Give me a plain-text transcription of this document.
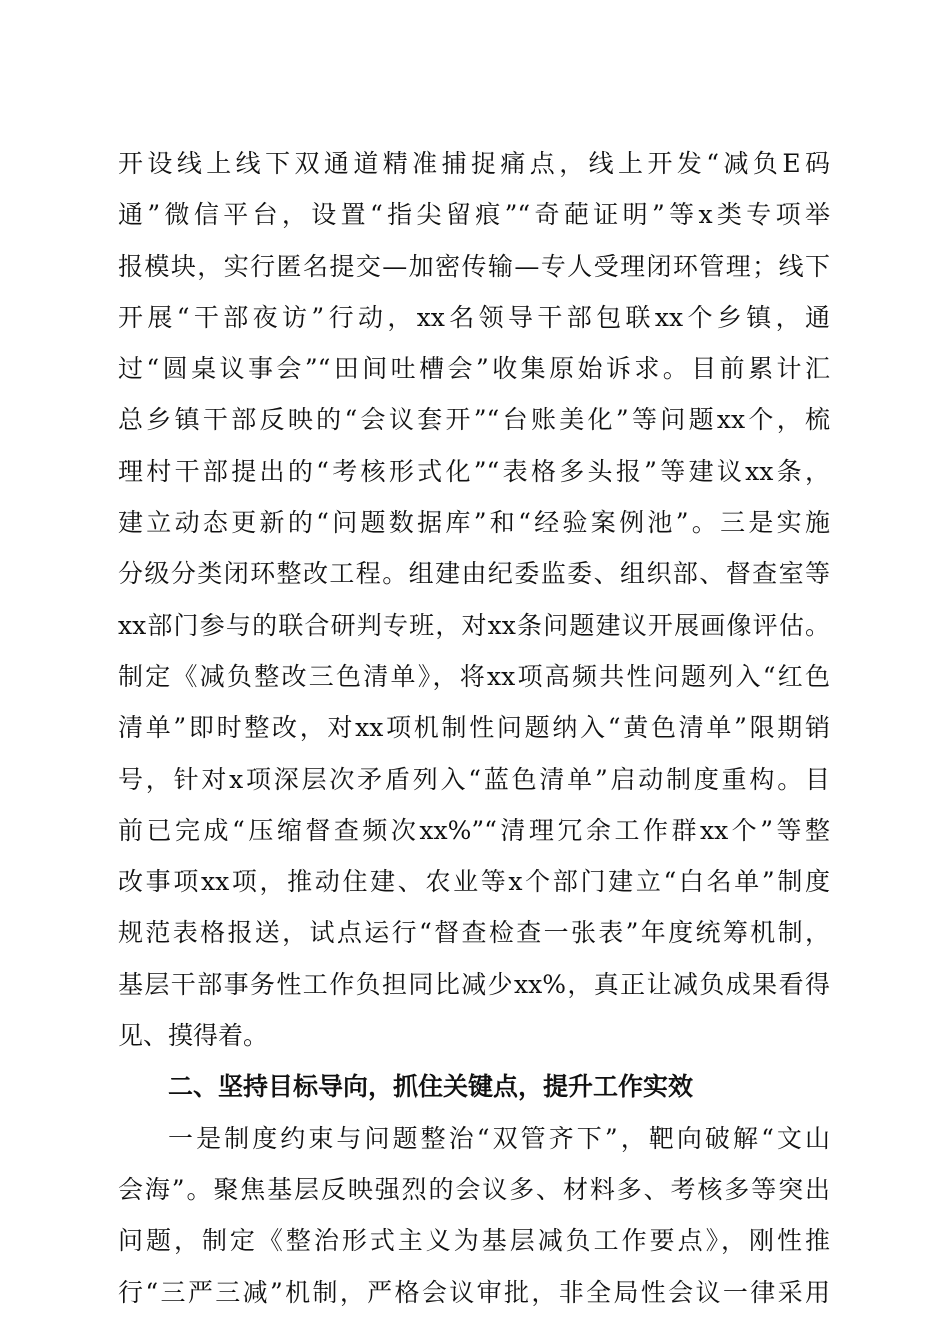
开设线上线下双通道精准捕捉痛点，线上开发“减负E码
通”微信平台，设置“指尖留痕”“奇葩证明”等x类专项举
报模块，实行匿名提交—加密传输—专人受理闭环管理；线下
开展“干部夜访”行动，xx名领导干部包联xx个乡镇，通
过“圆桌议事会”“田间吐槽会”收集原始诉求。目前累计汇
总乡镇干部反映的“会议套开”“台账美化”等问题xx个，梳
理村干部提出的“考核形式化”“表格多头报”等建议xx条，
建立动态更新的“问题数据库”和“经验案例池”。三是实施
分级分类闭环整改工程。组建由纪委监委、组织部、督查室等
xx部门参与的联合研判专班，对xx条问题建议开展画像评估。
制定《减负整改三色清单》，将xx项高频共性问题列入“红色
清单”即时整改，对xx项机制性问题纳入“黄色清单”限期销
号，针对x项深层次矛盾列入“蓝色清单”启动制度重构。目
前已完成“压缩督查频次xx%”“清理冗余工作群xx个”等整
改事项xx项，推动住建、农业等x个部门建立“白名单”制度
规范表格报送，试点运行“督查检查一张表”年度统筹机制，
基层干部事务性工作负担同比减少xx%，真正让减负成果看得
见、摸得着。
二、坚持目标导向，抓住关键点，提升工作实效
一是制度约束与问题整治“双管齐下”，靶向破解“文山
会海”。聚焦基层反映强烈的会议多、材料多、考核多等突出
问题，制定《整治形式主义为基层减负工作要点》，刚性推
行“三严三减”机制，严格会议审批，非全局性会议一律采用
